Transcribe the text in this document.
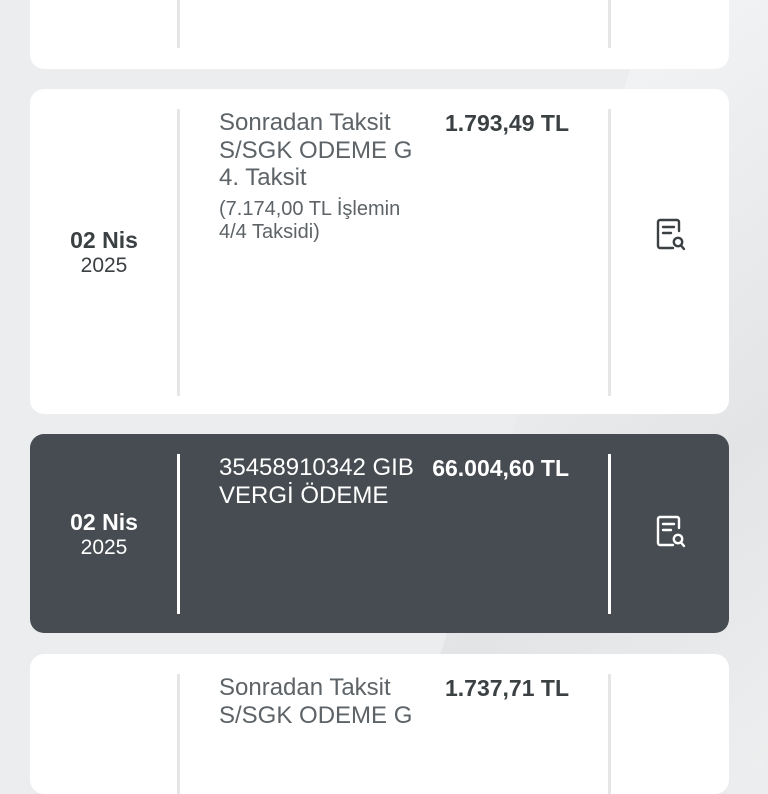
02 Nis
2025
Sonradan Taksit S/SGK ODEME G 4. Taksit
(7.174,00 TL İşlemin 4/4 Taksidi)
1.793,49 TL
02 Nis
2025
35458910342 GIB VERGİ ÖDEME
66.004,60 TL
Sonradan Taksit S/SGK ODEME G
1.737,71 TL
